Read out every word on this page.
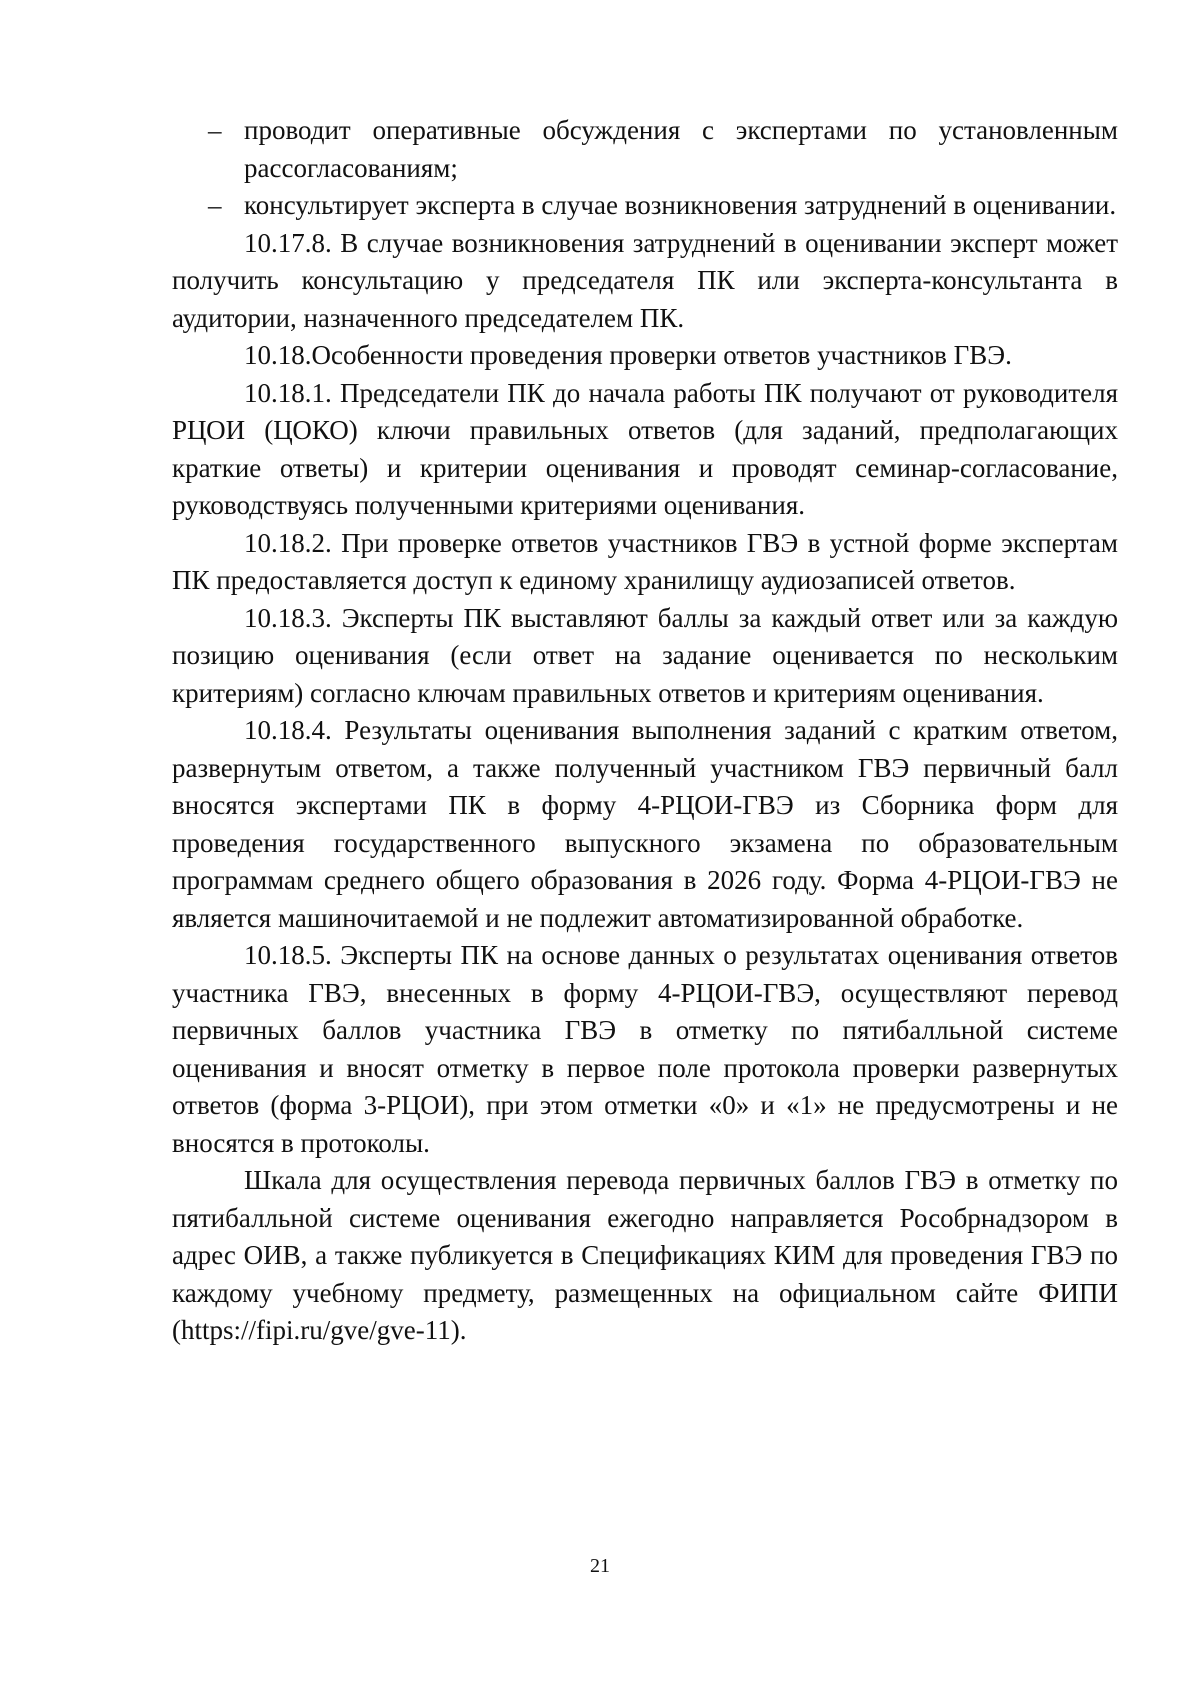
– проводит оперативные обсуждения с экспертами по установленным рассогласованиям;
– консультирует эксперта в случае возникновения затруднений в оценивании.

10.17.8. В случае возникновения затруднений в оценивании эксперт может получить консультацию у председателя ПК или эксперта-консультанта в аудитории, назначенного председателем ПК.

10.18.Особенности проведения проверки ответов участников ГВЭ.

10.18.1. Председатели ПК до начала работы ПК получают от руководителя РЦОИ (ЦОКО) ключи правильных ответов (для заданий, предполагающих краткие ответы) и критерии оценивания и проводят семинар-согласование, руководствуясь полученными критериями оценивания.

10.18.2. При проверке ответов участников ГВЭ в устной форме экспертам ПК предоставляется доступ к единому хранилищу аудиозаписей ответов.

10.18.3. Эксперты ПК выставляют баллы за каждый ответ или за каждую позицию оценивания (если ответ на задание оценивается по нескольким критериям) согласно ключам правильных ответов и критериям оценивания.

10.18.4. Результаты оценивания выполнения заданий с кратким ответом, развернутым ответом, а также полученный участником ГВЭ первичный балл вносятся экспертами ПК в форму 4-РЦОИ-ГВЭ из Сборника форм для проведения государственного выпускного экзамена по образовательным программам среднего общего образования в 2026 году. Форма 4-РЦОИ-ГВЭ не является машиночитаемой и не подлежит автоматизированной обработке.

10.18.5. Эксперты ПК на основе данных о результатах оценивания ответов участника ГВЭ, внесенных в форму 4-РЦОИ-ГВЭ, осуществляют перевод первичных баллов участника ГВЭ в отметку по пятибалльной системе оценивания и вносят отметку в первое поле протокола проверки развернутых ответов (форма 3-РЦОИ), при этом отметки «0» и «1» не предусмотрены и не вносятся в протоколы.

Шкала для осуществления перевода первичных баллов ГВЭ в отметку по пятибалльной системе оценивания ежегодно направляется Рособрнадзором в адрес ОИВ, а также публикуется в Спецификациях КИМ для проведения ГВЭ по каждому учебному предмету, размещенных на официальном сайте ФИПИ (https://fipi.ru/gve/gve-11).

21
